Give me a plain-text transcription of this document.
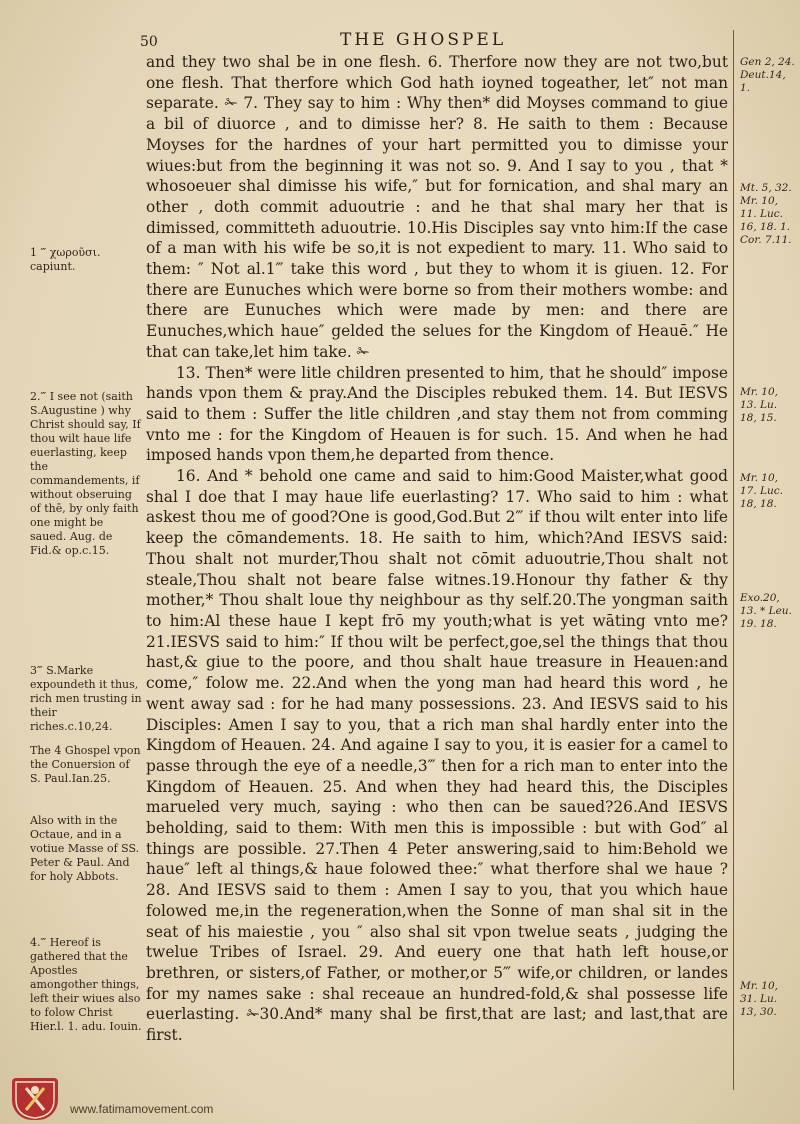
50	THE GHOSPEL

and they two shal be in one flesh. 6. Therfore now they are not two,but one flesh. That therfore which God hath ioyned togeather, let″ not man separate. ✁ 7. They say to him : Why then* did Moyses command to giue a bil of diuorce , and to dimisse her? 8. He saith to them : Because Moyses for the hardnes of your hart permitted you to dimisse your wiues:but from the beginning it was not so. 9. And I say to you , that * whosoeuer shal dimisse his wife,″ but for fornication, and shal mary an other , doth commit aduoutrie : and he that shal mary her that is dimissed, committeth aduoutrie. 10.His Disciples say vnto him:If the case of a man with his wife be so,it is not expedient to mary. 11. Who said to them: ″ Not al.1‴ take this word , but they to whom it is giuen. 12. For there are Eunuches which were borne so from their mothers wombe: and there are Eunuches which were made by men: and there are Eunuches,which haue″ gelded the selues for the Kingdom of Heauē.″ He that can take,let him take. ✁

13. Then* were litle children presented to him, that he should″ impose hands vpon them & pray.And the Disciples rebuked them. 14. But IESVS said to them : Suffer the litle children ,and stay them not from comming vnto me : for the Kingdom of Heauen is for such. 15. And when he had imposed hands vpon them,he departed from thence.

16. And * behold one came and said to him:Good Maister,what good shal I doe that I may haue life euerlasting? 17. Who said to him : what askest thou me of good?One is good,God.But 2‴ if thou wilt enter into life keep the cōmandements. 18. He saith to him, which?And IESVS said: Thou shalt not murder,Thou shalt not cōmit aduoutrie,Thou shalt not steale,Thou shalt not beare false witnes.19.Honour thy father & thy mother,* Thou shalt loue thy neighbour as thy self.20.The yongman saith to him:Al these haue I kept frō my youth;what is yet wāting vnto me?21.IESVS said to him:″ If thou wilt be perfect,goe,sel the things that thou hast,& giue to the poore, and thou shalt haue treasure in Heauen:and come,″ folow me. 22.And when the yong man had heard this word , he went away sad : for he had many possessions. 23. And IESVS said to his Disciples: Amen I say to you, that a rich man shal hardly enter into the Kingdom of Heauen. 24. And againe I say to you, it is easier for a camel to passe through the eye of a needle,3‴ then for a rich man to enter into the Kingdom of Heauen. 25. And when they had heard this, the Disciples marueled very much, saying : who then can be saued?26.And IESVS beholding, said to them: With men this is impossible : but with God″ al things are possible. 27.Then 4 Peter answering,said to him:Behold we haue″ left al things,& haue folowed thee:″ what therfore shal we haue ? 28. And IESVS said to them : Amen I say to you, that you which haue folowed me,in the regeneration,when the Sonne of man shal sit in the seat of his maiestie , you ″ also shal sit vpon twelue seats , judging the twelue Tribes of Israel. 29. And euery one that hath left house,or brethren, or sisters,of Father, or mother,or 5‴ wife,or children, or landes for my names sake : shal receaue an hundred-fold,& shal possesse life euerlasting. ✁30.And* many shal be first,that are last; and last,that are first.

1 ‴ χωροῦσι. capiunt.
2.‴ I see not (saith S.Augustine ) why Christ should say, If thou wilt haue life euerlasting, keep the commandements, if without obseruing of thē, by only faith one might be saued. Aug. de Fid.& op.c.15.
3‴ S.Marke expoundeth it thus, rich men trusting in their riches.c.10,24.
The 4 Ghospel vpon the Conuersion of S. Paul.Ian.25.
Also with in the Octaue, and in a votiue Masse of SS. Peter & Paul. And for holy Abbots.
4.‴ Hereof is gathered that the Apostles amongother things, left their wiues also to folow Christ Hier.l. 1. adu. Iouin.
Gen 2, 24. Deut.14, 1.
Mt. 5, 32. Mr. 10, 11. Luc. 16, 18. 1. Cor. 7.11.
Mr. 10, 13. Lu. 18, 15.
Mr. 10, 17. Luc. 18, 18.
Exo.20, 13. * Leu. 19. 18.
Mr. 10, 31. Lu. 13, 30.
www.fatimamovement.com
